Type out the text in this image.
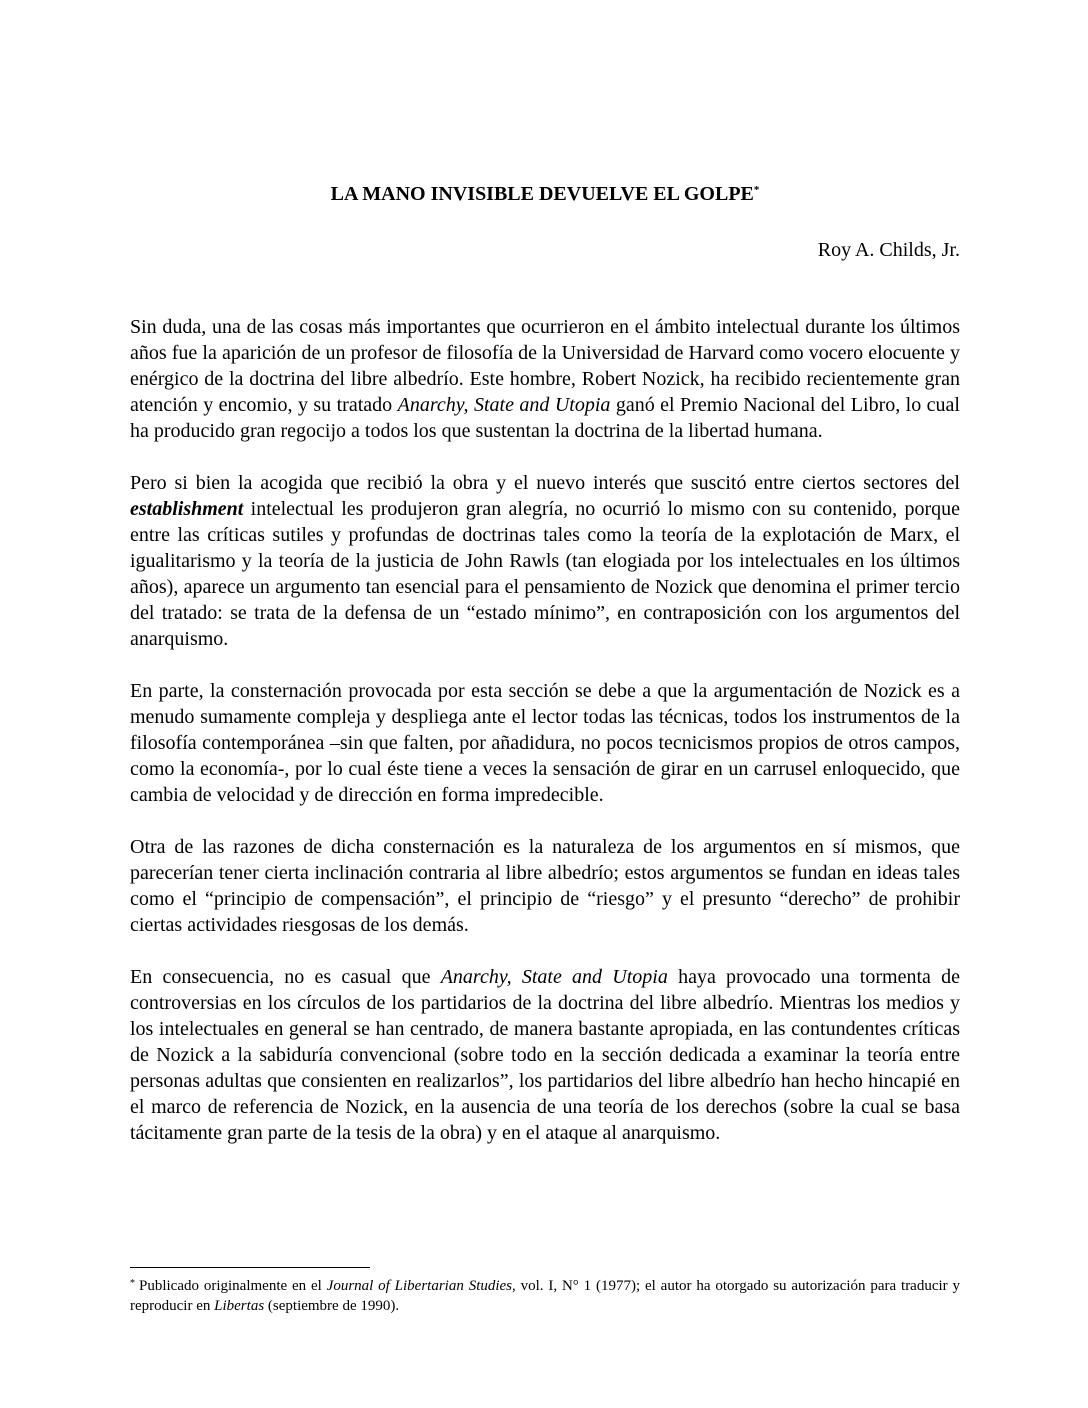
LA MANO INVISIBLE DEVUELVE EL GOLPE*

Roy A. Childs, Jr.

Sin duda, una de las cosas más importantes que ocurrieron en el ámbito intelectual durante los últimos años fue la aparición de un profesor de filosofía de la Universidad de Harvard como vocero elocuente y enérgico de la doctrina del libre albedrío. Este hombre, Robert Nozick, ha recibido recientemente gran atención y encomio, y su tratado Anarchy, State and Utopia ganó el Premio Nacional del Libro, lo cual ha producido gran regocijo a todos los que sustentan la doctrina de la libertad humana.

Pero si bien la acogida que recibió la obra y el nuevo interés que suscitó entre ciertos sectores del establishment intelectual les produjeron gran alegría, no ocurrió lo mismo con su contenido, porque entre las críticas sutiles y profundas de doctrinas tales como la teoría de la explotación de Marx, el igualitarismo y la teoría de la justicia de John Rawls (tan elogiada por los intelectuales en los últimos años), aparece un argumento tan esencial para el pensamiento de Nozick que denomina el primer tercio del tratado: se trata de la defensa de un “estado mínimo”, en contraposición con los argumentos del anarquismo.

En parte, la consternación provocada por esta sección se debe a que la argumentación de Nozick es a menudo sumamente compleja y despliega ante el lector todas las técnicas, todos los instrumentos de la filosofía contemporánea –sin que falten, por añadidura, no pocos tecnicismos propios de otros campos, como la economía-, por lo cual éste tiene a veces la sensación de girar en un carrusel enloquecido, que cambia de velocidad y de dirección en forma impredecible.

Otra de las razones de dicha consternación es la naturaleza de los argumentos en sí mismos, que parecerían tener cierta inclinación contraria al libre albedrío; estos argumentos se fundan en ideas tales como el “principio de compensación”, el principio de “riesgo” y el presunto “derecho” de prohibir ciertas actividades riesgosas de los demás.

En consecuencia, no es casual que Anarchy, State and Utopia haya provocado una tormenta de controversias en los círculos de los partidarios de la doctrina del libre albedrío. Mientras los medios y los intelectuales en general se han centrado, de manera bastante apropiada, en las contundentes críticas de Nozick a la sabiduría convencional (sobre todo en la sección dedicada a examinar la teoría entre personas adultas que consienten en realizarlos”, los partidarios del libre albedrío han hecho hincapié en el marco de referencia de Nozick, en la ausencia de una teoría de los derechos (sobre la cual se basa tácitamente gran parte de la tesis de la obra) y en el ataque al anarquismo.

* Publicado originalmente en el Journal of Libertarian Studies, vol. I, N° 1 (1977); el autor ha otorgado su autorización para traducir y reproducir en Libertas (septiembre de 1990).
